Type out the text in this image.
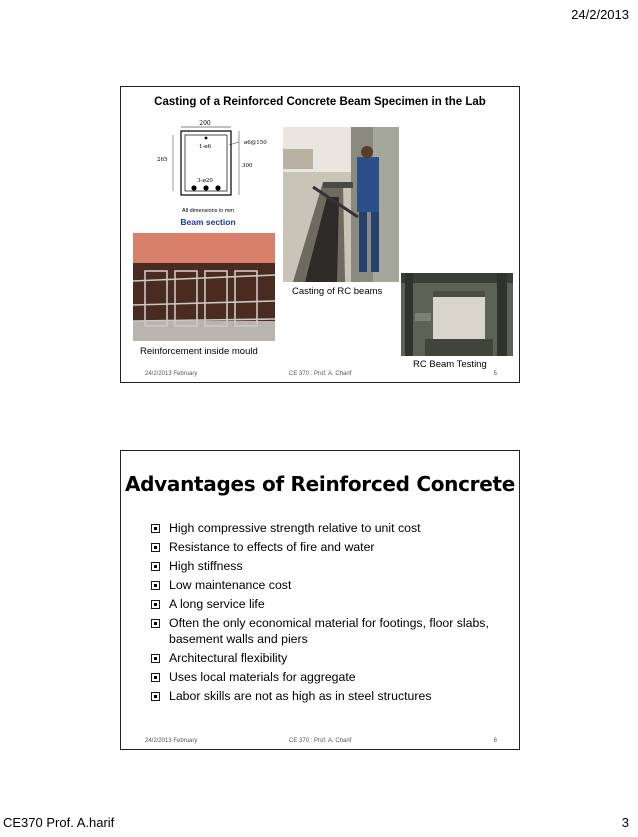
24/2/2013
Casting of a Reinforced Concrete Beam Specimen in the Lab
200
1-ø6
ø6@150
300
265
3-ø20
All dimensions in mm
Beam section
Casting of RC beams
Reinforcement inside mould
RC Beam Testing
24/2/2013 February	CE 370 : Prof. A. Charif	5
Advantages of Reinforced Concrete
High compressive strength relative to unit cost
Resistance to effects of fire and water
High stiffness
Low maintenance cost
A long service life
Often the only economical material for footings, floor slabs, basement walls and piers
Architectural flexibility
Uses local materials for aggregate
Labor skills are not as high as in steel structures
24/2/2013 February	CE 370 : Prof. A. Charif	6
CE370 Prof. A.harif	3
